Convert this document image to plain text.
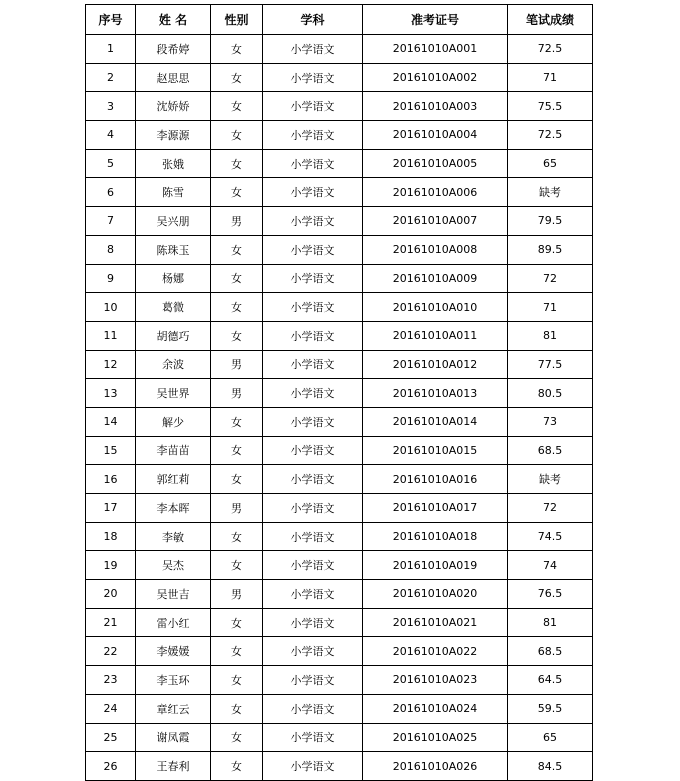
序号	姓 名	性别	学科	准考证号	笔试成绩
1	段希婷	女	小学语文	20161010A001	72.5
2	赵思思	女	小学语文	20161010A002	71
3	沈娇娇	女	小学语文	20161010A003	75.5
4	李源源	女	小学语文	20161010A004	72.5
5	张娥	女	小学语文	20161010A005	65
6	陈雪	女	小学语文	20161010A006	缺考
7	吴兴朋	男	小学语文	20161010A007	79.5
8	陈珠玉	女	小学语文	20161010A008	89.5
9	杨娜	女	小学语文	20161010A009	72
10	葛微	女	小学语文	20161010A010	71
11	胡德巧	女	小学语文	20161010A011	81
12	余波	男	小学语文	20161010A012	77.5
13	吴世界	男	小学语文	20161010A013	80.5
14	解少	女	小学语文	20161010A014	73
15	李苗苗	女	小学语文	20161010A015	68.5
16	郭红莉	女	小学语文	20161010A016	缺考
17	李本晖	男	小学语文	20161010A017	72
18	李敏	女	小学语文	20161010A018	74.5
19	吴杰	女	小学语文	20161010A019	74
20	吴世吉	男	小学语文	20161010A020	76.5
21	雷小红	女	小学语文	20161010A021	81
22	李媛媛	女	小学语文	20161010A022	68.5
23	李玉环	女	小学语文	20161010A023	64.5
24	章红云	女	小学语文	20161010A024	59.5
25	谢凤霞	女	小学语文	20161010A025	65
26	王春利	女	小学语文	20161010A026	84.5
